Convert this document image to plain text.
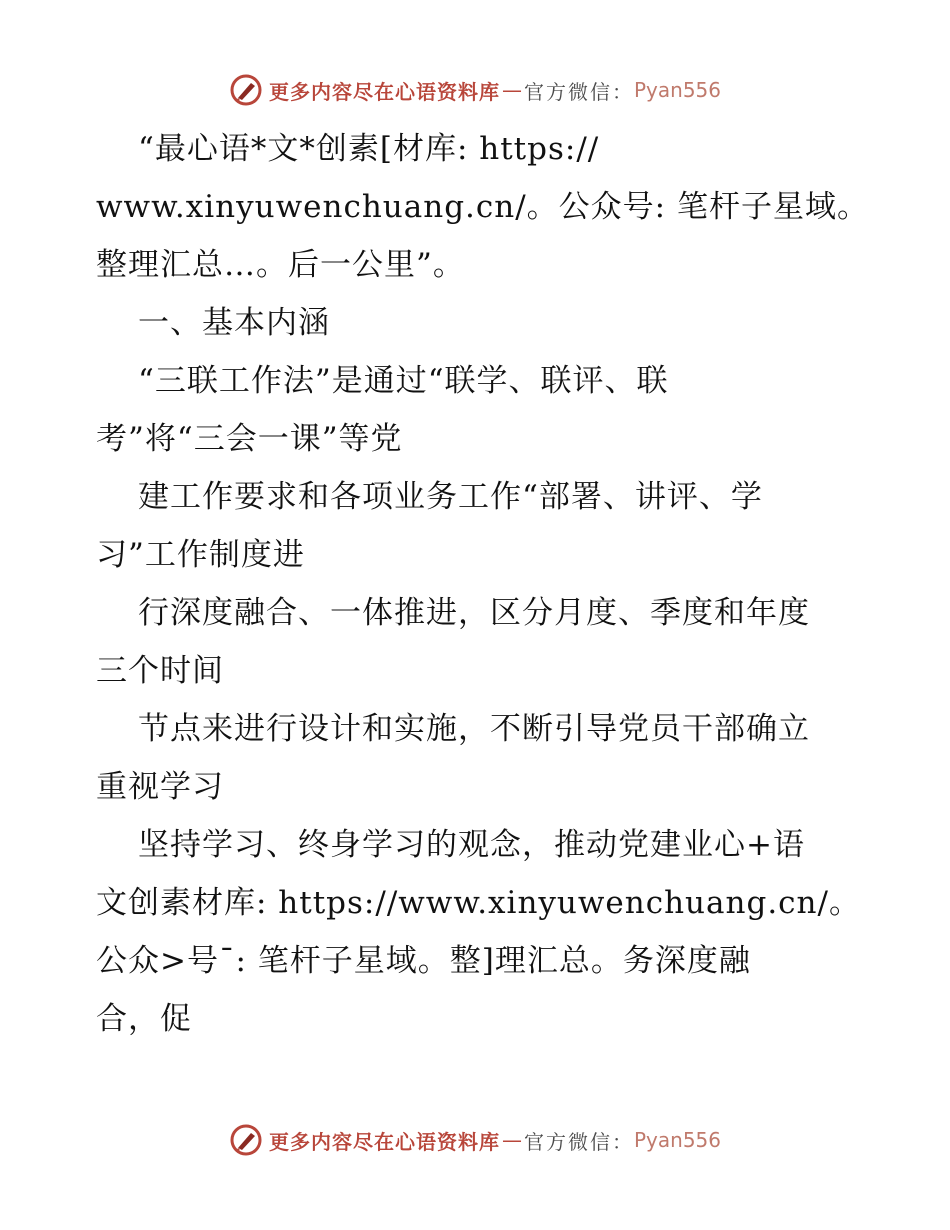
更多内容尽在心语资料库 — 官方微信： Pyan556
“最心语*文*创素[材库: https://
www.xinyuwenchuang.cn/。公众号: 笔杆子星域。
整理汇总…。后一公里”。
一、基本内涵
“三联工作法”是通过“联学、联评、联
考”将“三会一课”等党
建工作要求和各项业务工作“部署、讲评、学
习”工作制度进
行深度融合、一体推进，区分月度、季度和年度
三个时间
节点来进行设计和实施，不断引导党员干部确立
重视学习
坚持学习、终身学习的观念，推动党建业心+语
文创素材库: https://www.xinyuwenchuang.cn/。
公众>号¯: 笔杆子星域。整]理汇总。务深度融
合，促
更多内容尽在心语资料库 — 官方微信： Pyan556
